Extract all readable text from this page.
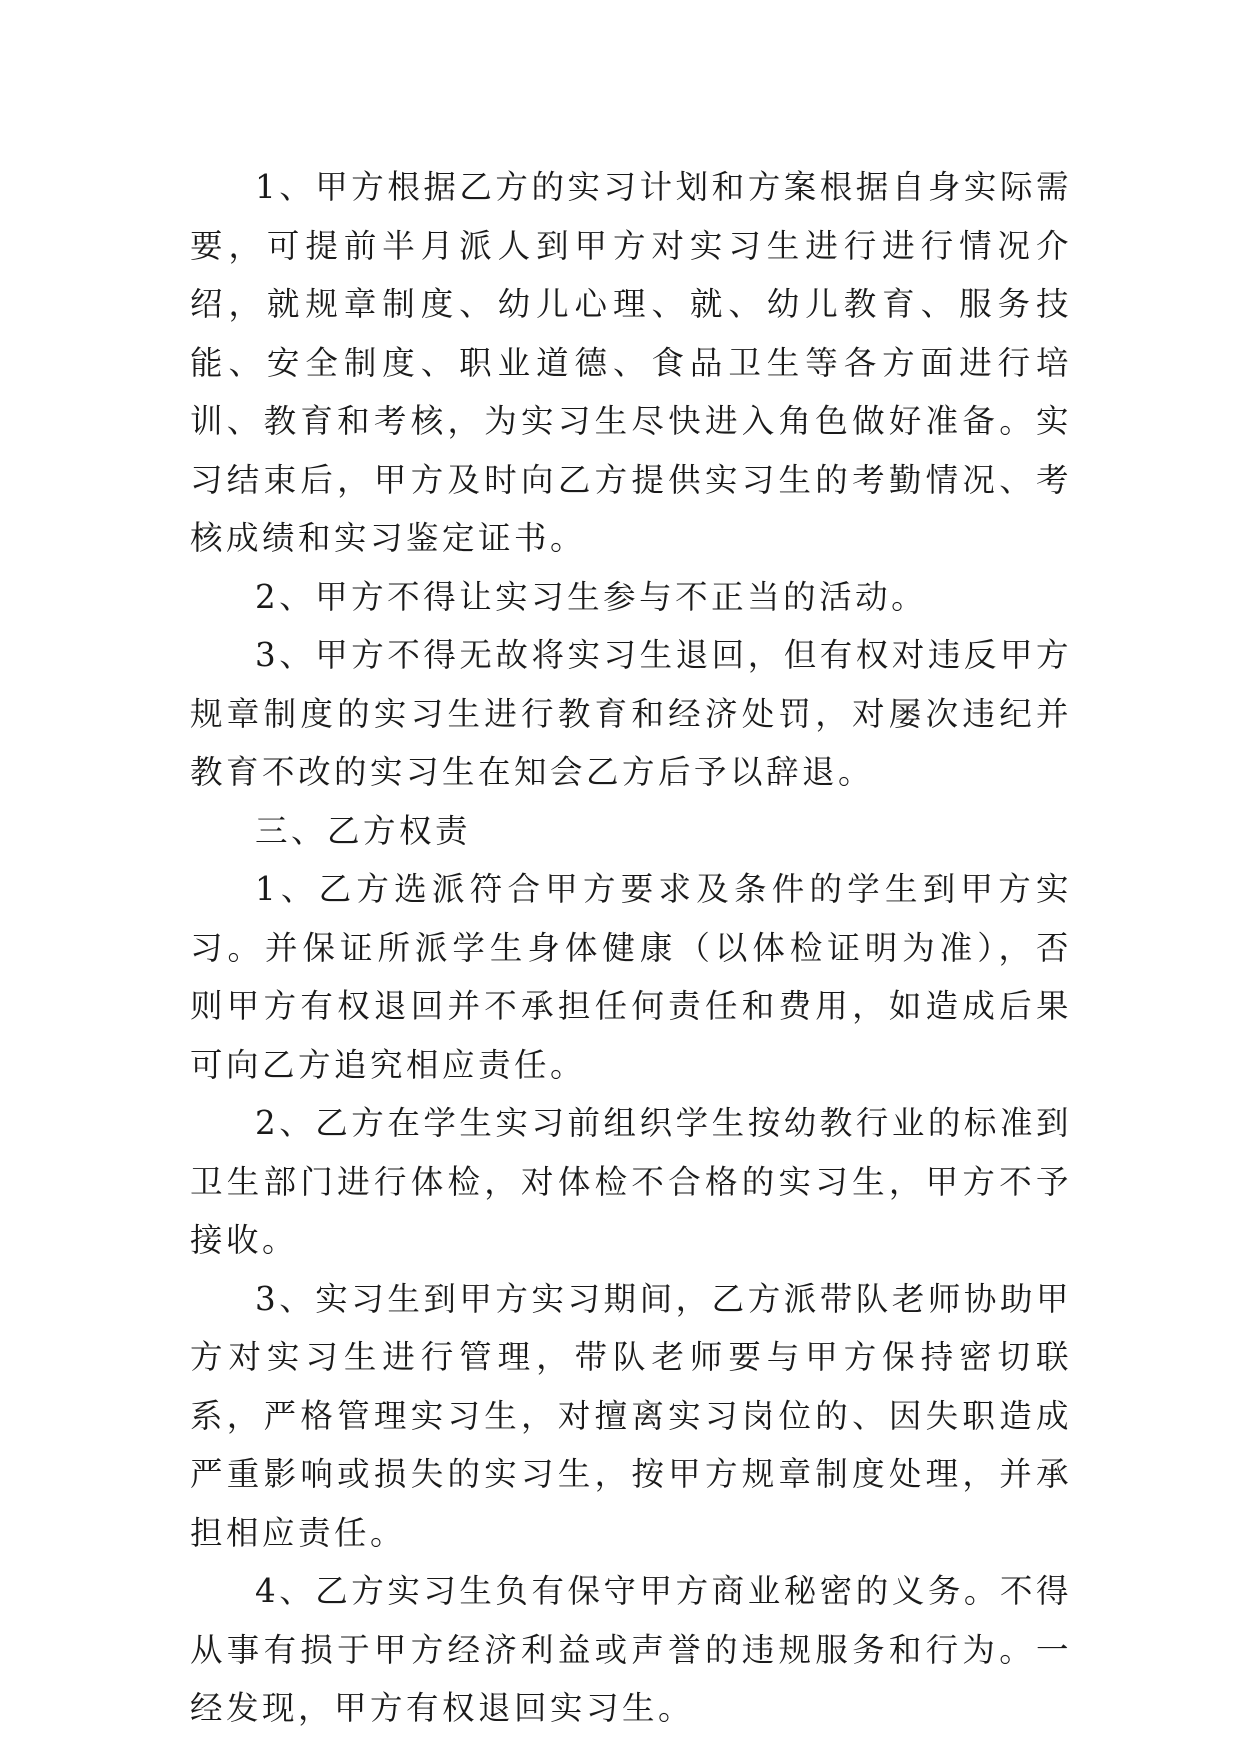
1、甲方根据乙方的实习计划和方案根据自身实际需要，可提前半月派人到甲方对实习生进行进行情况介绍，就规章制度、幼儿心理、就、幼儿教育、服务技能、安全制度、职业道德、食品卫生等各方面进行培训、教育和考核，为实习生尽快进入角色做好准备。实习结束后，甲方及时向乙方提供实习生的考勤情况、考核成绩和实习鉴定证书。

2、甲方不得让实习生参与不正当的活动。

3、甲方不得无故将实习生退回，但有权对违反甲方规章制度的实习生进行教育和经济处罚，对屡次违纪并教育不改的实习生在知会乙方后予以辞退。

三、乙方权责

1、乙方选派符合甲方要求及条件的学生到甲方实习。并保证所派学生身体健康（以体检证明为准），否则甲方有权退回并不承担任何责任和费用，如造成后果可向乙方追究相应责任。

2、乙方在学生实习前组织学生按幼教行业的标准到卫生部门进行体检，对体检不合格的实习生，甲方不予接收。

3、实习生到甲方实习期间，乙方派带队老师协助甲方对实习生进行管理，带队老师要与甲方保持密切联系，严格管理实习生，对擅离实习岗位的、因失职造成严重影响或损失的实习生，按甲方规章制度处理，并承担相应责任。

4、乙方实习生负有保守甲方商业秘密的义务。不得从事有损于甲方经济利益或声誉的违规服务和行为。一经发现，甲方有权退回实习生。
